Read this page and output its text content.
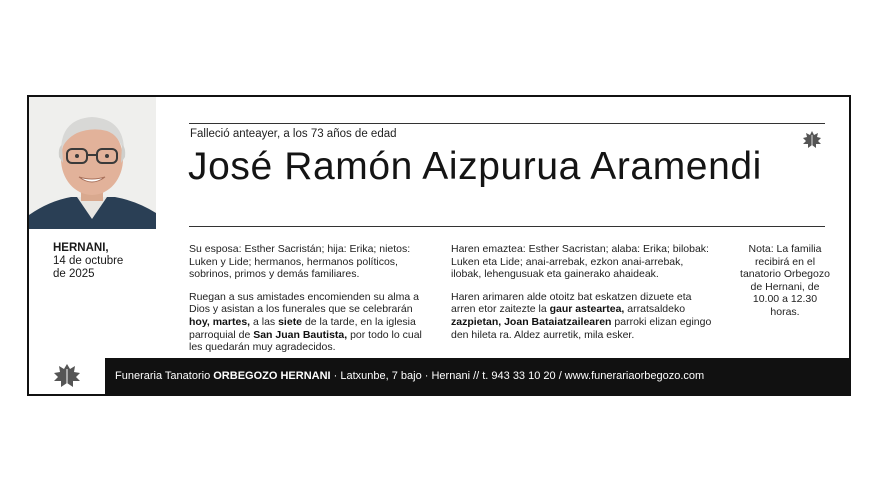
Falleció anteayer, a los 73 años de edad
José Ramón Aizpurua Aramendi
HERNANI,
14 de octubre
de 2025

Su esposa: Esther Sacristán; hija: Erika; nietos: Luken y Lide; hermanos, hermanos políticos, sobrinos, primos y demás familiares.

Ruegan a sus amistades encomienden su alma a Dios y asistan a los funerales que se celebrarán hoy, martes, a las siete de la tarde, en la iglesia parroquial de San Juan Bautista, por todo lo cual les quedarán muy agradecidos.

Haren emaztea: Esther Sacristan; alaba: Erika; bilobak: Luken eta Lide; anai-arrebak, ezkon anai-arrebak, ilobak, lehengusuak eta gainerako ahaideak.

Haren arimaren alde otoitz bat eskatzen dizuete eta arren etor zaitezte la gaur asteartea, arratsaldeko zazpietan, Joan Bataiatzailearen parroki elizan egingo den hileta ra. Aldez aurretik, mila esker.

Nota: La familia recibirá en el tanatorio Orbegozo de Hernani, de 10.00 a 12.30 horas.
Funeraria Tanatorio ORBEGOZO HERNANI · Latxunbe, 7 bajo · Hernani // t. 943 33 10 20 / www.funerariaorbegozo.com
